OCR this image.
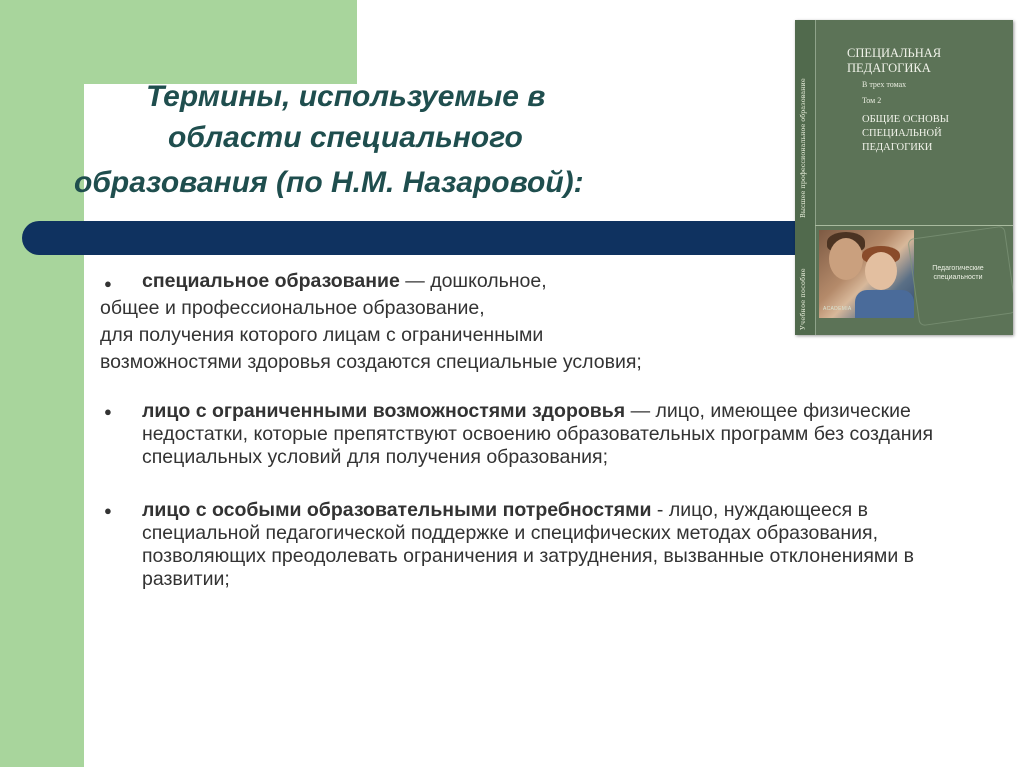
Термины, используемые в
области специального
образования (по Н.М. Назаровой):
●	специальное образование — дошкольное,
общее и профессиональное образование,
для получения которого лицам с ограниченными
возможностями здоровья создаются специальные условия;
● лицо с ограниченными возможностями здоровья — лицо, имеющее физические недостатки, которые препятствуют освоению образовательных программ без создания специальных условий для получения образования;
● лицо с особыми образовательными потребностями - лицо, нуждающееся в специальной педагогической поддержке и специфических методах образования, позволяющих преодолевать ограничения и затруднения, вызванные отклонениями в развитии;
Высшее профессиональное образование
Учебное пособие
СПЕЦИАЛЬНАЯ
ПЕДАГОГИКА
В трех томах
Том 2
ОБЩИЕ ОСНОВЫ
СПЕЦИАЛЬНОЙ
ПЕДАГОГИКИ
Педагогические
специальности
ACADEMIA
